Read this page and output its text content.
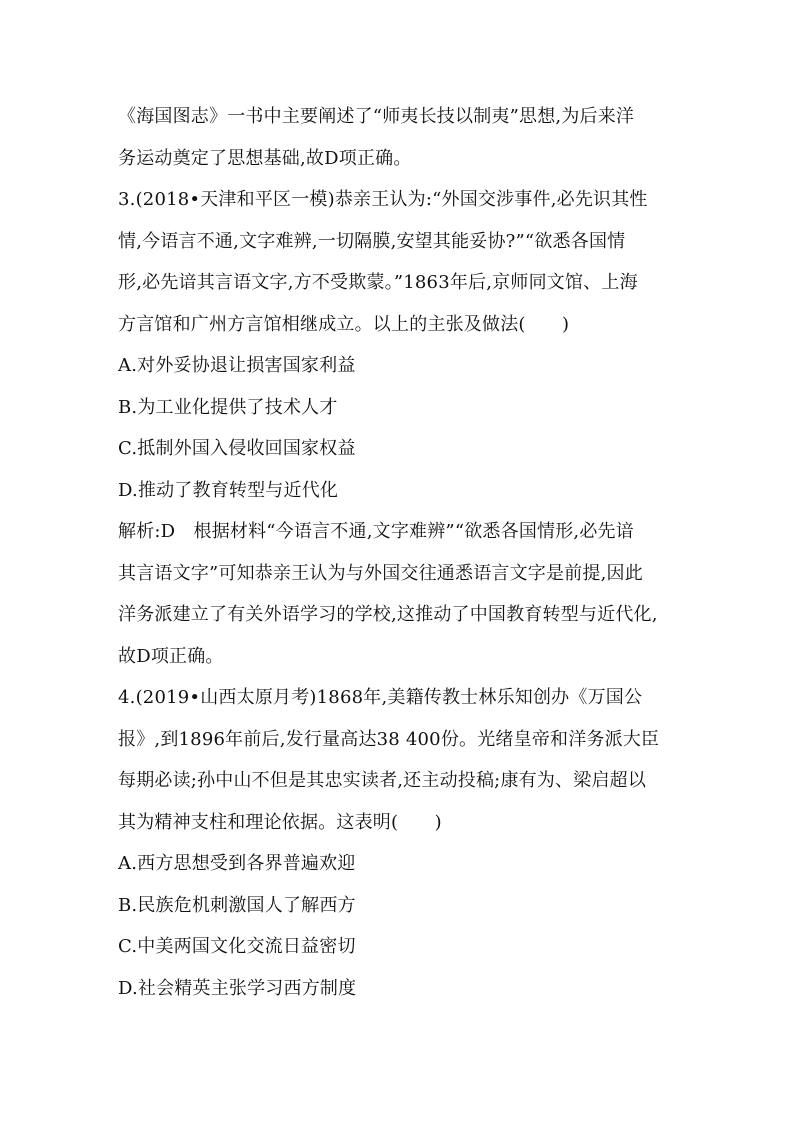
《海国图志》一书中主要阐述了“师夷长技以制夷”思想,为后来洋
务运动奠定了思想基础,故D项正确。
3.(2018•天津和平区一模)恭亲王认为:“外国交涉事件,必先识其性
情,今语言不通,文字难辨,一切隔膜,安望其能妥协?”“欲悉各国情
形,必先谙其言语文字,方不受欺蒙。”1863年后,京师同文馆、上海
方言馆和广州方言馆相继成立。以上的主张及做法(　　)
A.对外妥协退让损害国家利益
B.为工业化提供了技术人才
C.抵制外国入侵收回国家权益
D.推动了教育转型与近代化
解析:D　根据材料“今语言不通,文字难辨”“欲悉各国情形,必先谙
其言语文字”可知恭亲王认为与外国交往通悉语言文字是前提,因此
洋务派建立了有关外语学习的学校,这推动了中国教育转型与近代化,
故D项正确。
4.(2019•山西太原月考)1868年,美籍传教士林乐知创办《万国公
报》,到1896年前后,发行量高达38 400份。光绪皇帝和洋务派大臣
每期必读;孙中山不但是其忠实读者,还主动投稿;康有为、梁启超以
其为精神支柱和理论依据。这表明(　　)
A.西方思想受到各界普遍欢迎
B.民族危机刺激国人了解西方
C.中美两国文化交流日益密切
D.社会精英主张学习西方制度
